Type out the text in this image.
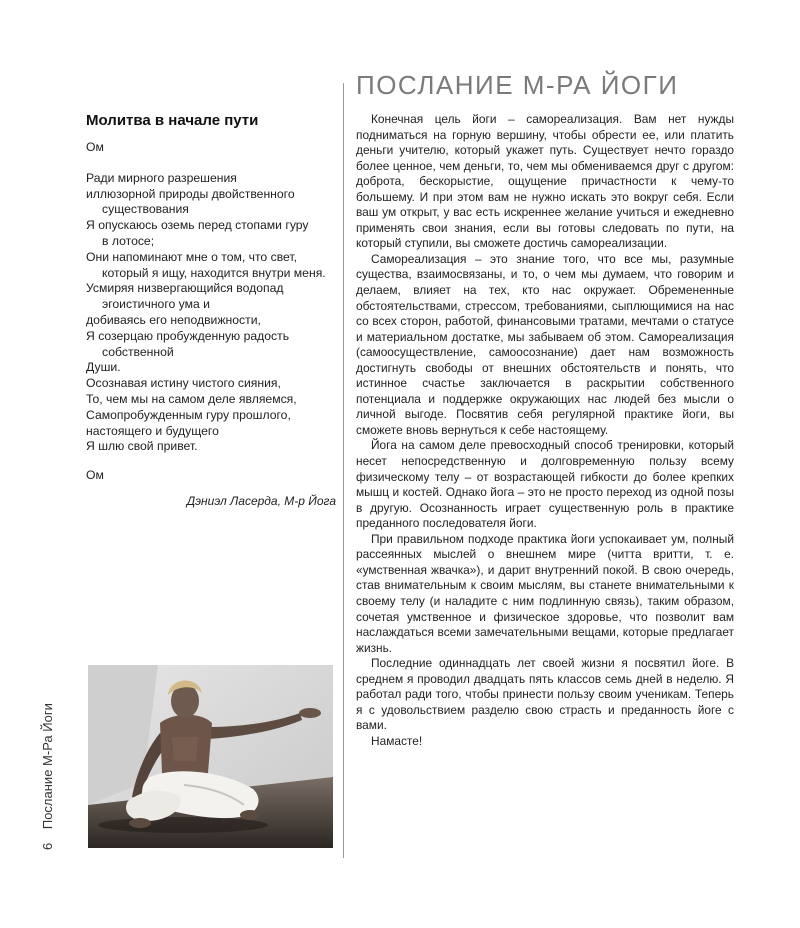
6 Послание М-Ра Йоги
Молитва в начале пути
Ом
Ради мирного разрешения
иллюзорной природы двойственного
существования
Я опускаюсь оземь перед стопами гуру
в лотосе;
Они напоминают мне о том, что свет,
который я ищу, находится внутри меня.
Усмиряя низвергающийся водопад
эгоистичного ума и
добиваясь его неподвижности,
Я созерцаю пробужденную радость
собственной
Души.
Осознавая истину чистого сияния,
То, чем мы на самом деле являемся,
Самопробужденным гуру прошлого,
настоящего и будущего
Я шлю свой привет.
Ом
Дэниэл Ласерда, М-р Йога
ПОСЛАНИЕ М-РА ЙОГИ

Конечная цель йоги – самореализация. Вам нет нужды подниматься на горную вершину, чтобы обрести ее, или платить деньги учителю, который укажет путь. Существует нечто гораздо более ценное, чем деньги, то, чем мы обмениваемся друг с другом: доброта, бескорыстие, ощущение причастности к чему-то большему. И при этом вам не нужно искать это вокруг себя. Если ваш ум открыт, у вас есть искреннее желание учиться и ежедневно применять свои знания, если вы готовы следовать по пути, на который ступили, вы сможете достичь самореализации.

Самореализация – это знание того, что все мы, разумные существа, взаимосвязаны, и то, о чем мы думаем, что говорим и делаем, влияет на тех, кто нас окружает. Обремененные обстоятельствами, стрессом, требованиями, сыплющимися на нас со всех сторон, работой, финансовыми тратами, мечтами о статусе и материальном достатке, мы забываем об этом. Самореализация (самоосуществление, самоосознание) дает нам возможность достигнуть свободы от внешних обстоятельств и понять, что истинное счастье заключается в раскрытии собственного потенциала и поддержке окружающих нас людей без мысли о личной выгоде. Посвятив себя регулярной практике йоги, вы сможете вновь вернуться к себе настоящему.

Йога на самом деле превосходный способ тренировки, который несет непосредственную и долговременную пользу всему физическому телу – от возрастающей гибкости до более крепких мышц и костей. Однако йога – это не просто переход из одной позы в другую. Осознанность играет существенную роль в практике преданного последователя йоги.

При правильном подходе практика йоги успокаивает ум, полный рассеянных мыслей о внешнем мире (читта вритти, т. е. «умственная жвачка»), и дарит внутренний покой. В свою очередь, став внимательным к своим мыслям, вы станете внимательными к своему телу (и наладите с ним подлинную связь), таким образом, сочетая умственное и физическое здоровье, что позволит вам наслаждаться всеми замечательными вещами, которые предлагает жизнь.

Последние одиннадцать лет своей жизни я посвятил йоге. В среднем я проводил двадцать пять классов семь дней в неделю. Я работал ради того, чтобы принести пользу своим ученикам. Теперь я с удовольствием разделю свою страсть и преданность йоге с вами.

Намасте!
